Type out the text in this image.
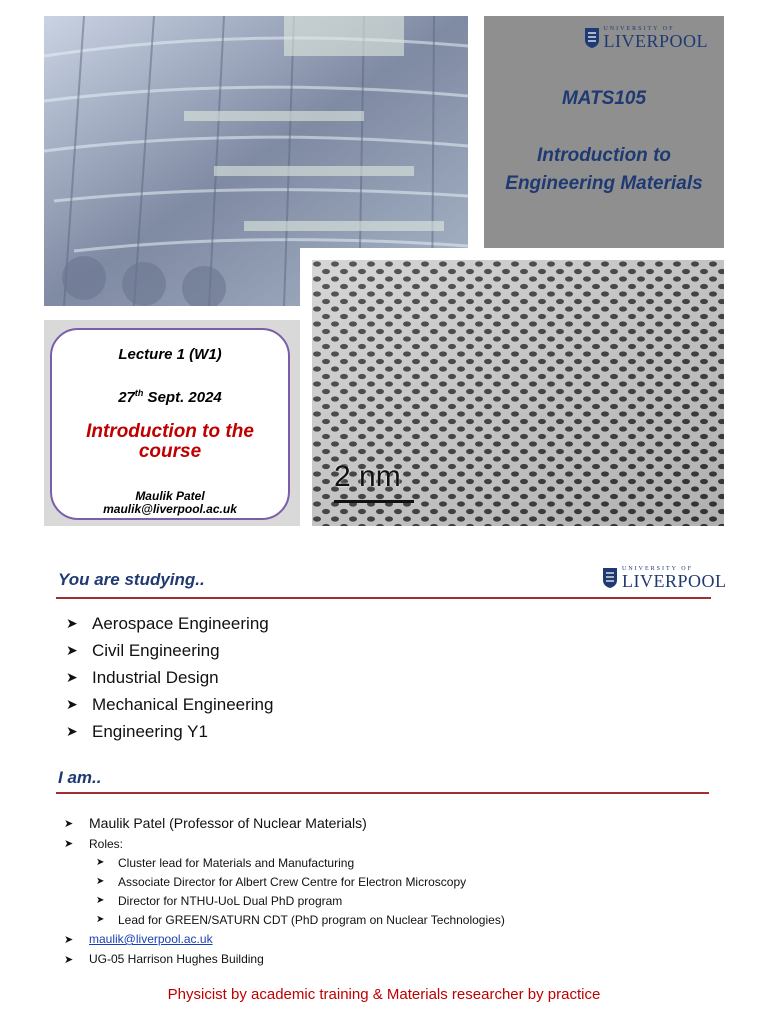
UNIVERSITY OF
LIVERPOOL
MATS105
Introduction to
Engineering Materials
Lecture 1 (W1)
27th Sept. 2024
Introduction to the
course
Maulik Patel
maulik@liverpool.ac.uk
2 nm
You are studying..
UNIVERSITY OF
LIVERPOOL
➤ Aerospace Engineering
➤ Civil Engineering
➤ Industrial Design
➤ Mechanical Engineering
➤ Engineering Y1
I am..
➤	Maulik Patel (Professor of Nuclear Materials)
➤	Roles:
➤	Cluster lead for Materials and Manufacturing
➤	Associate Director for Albert Crew Centre for Electron Microscopy
➤	Director for NTHU-UoL Dual PhD program
➤	Lead for GREEN/SATURN CDT (PhD program on Nuclear Technologies)
➤	maulik@liverpool.ac.uk
➤	UG-05 Harrison Hughes Building
Physicist by academic training & Materials researcher by practice
